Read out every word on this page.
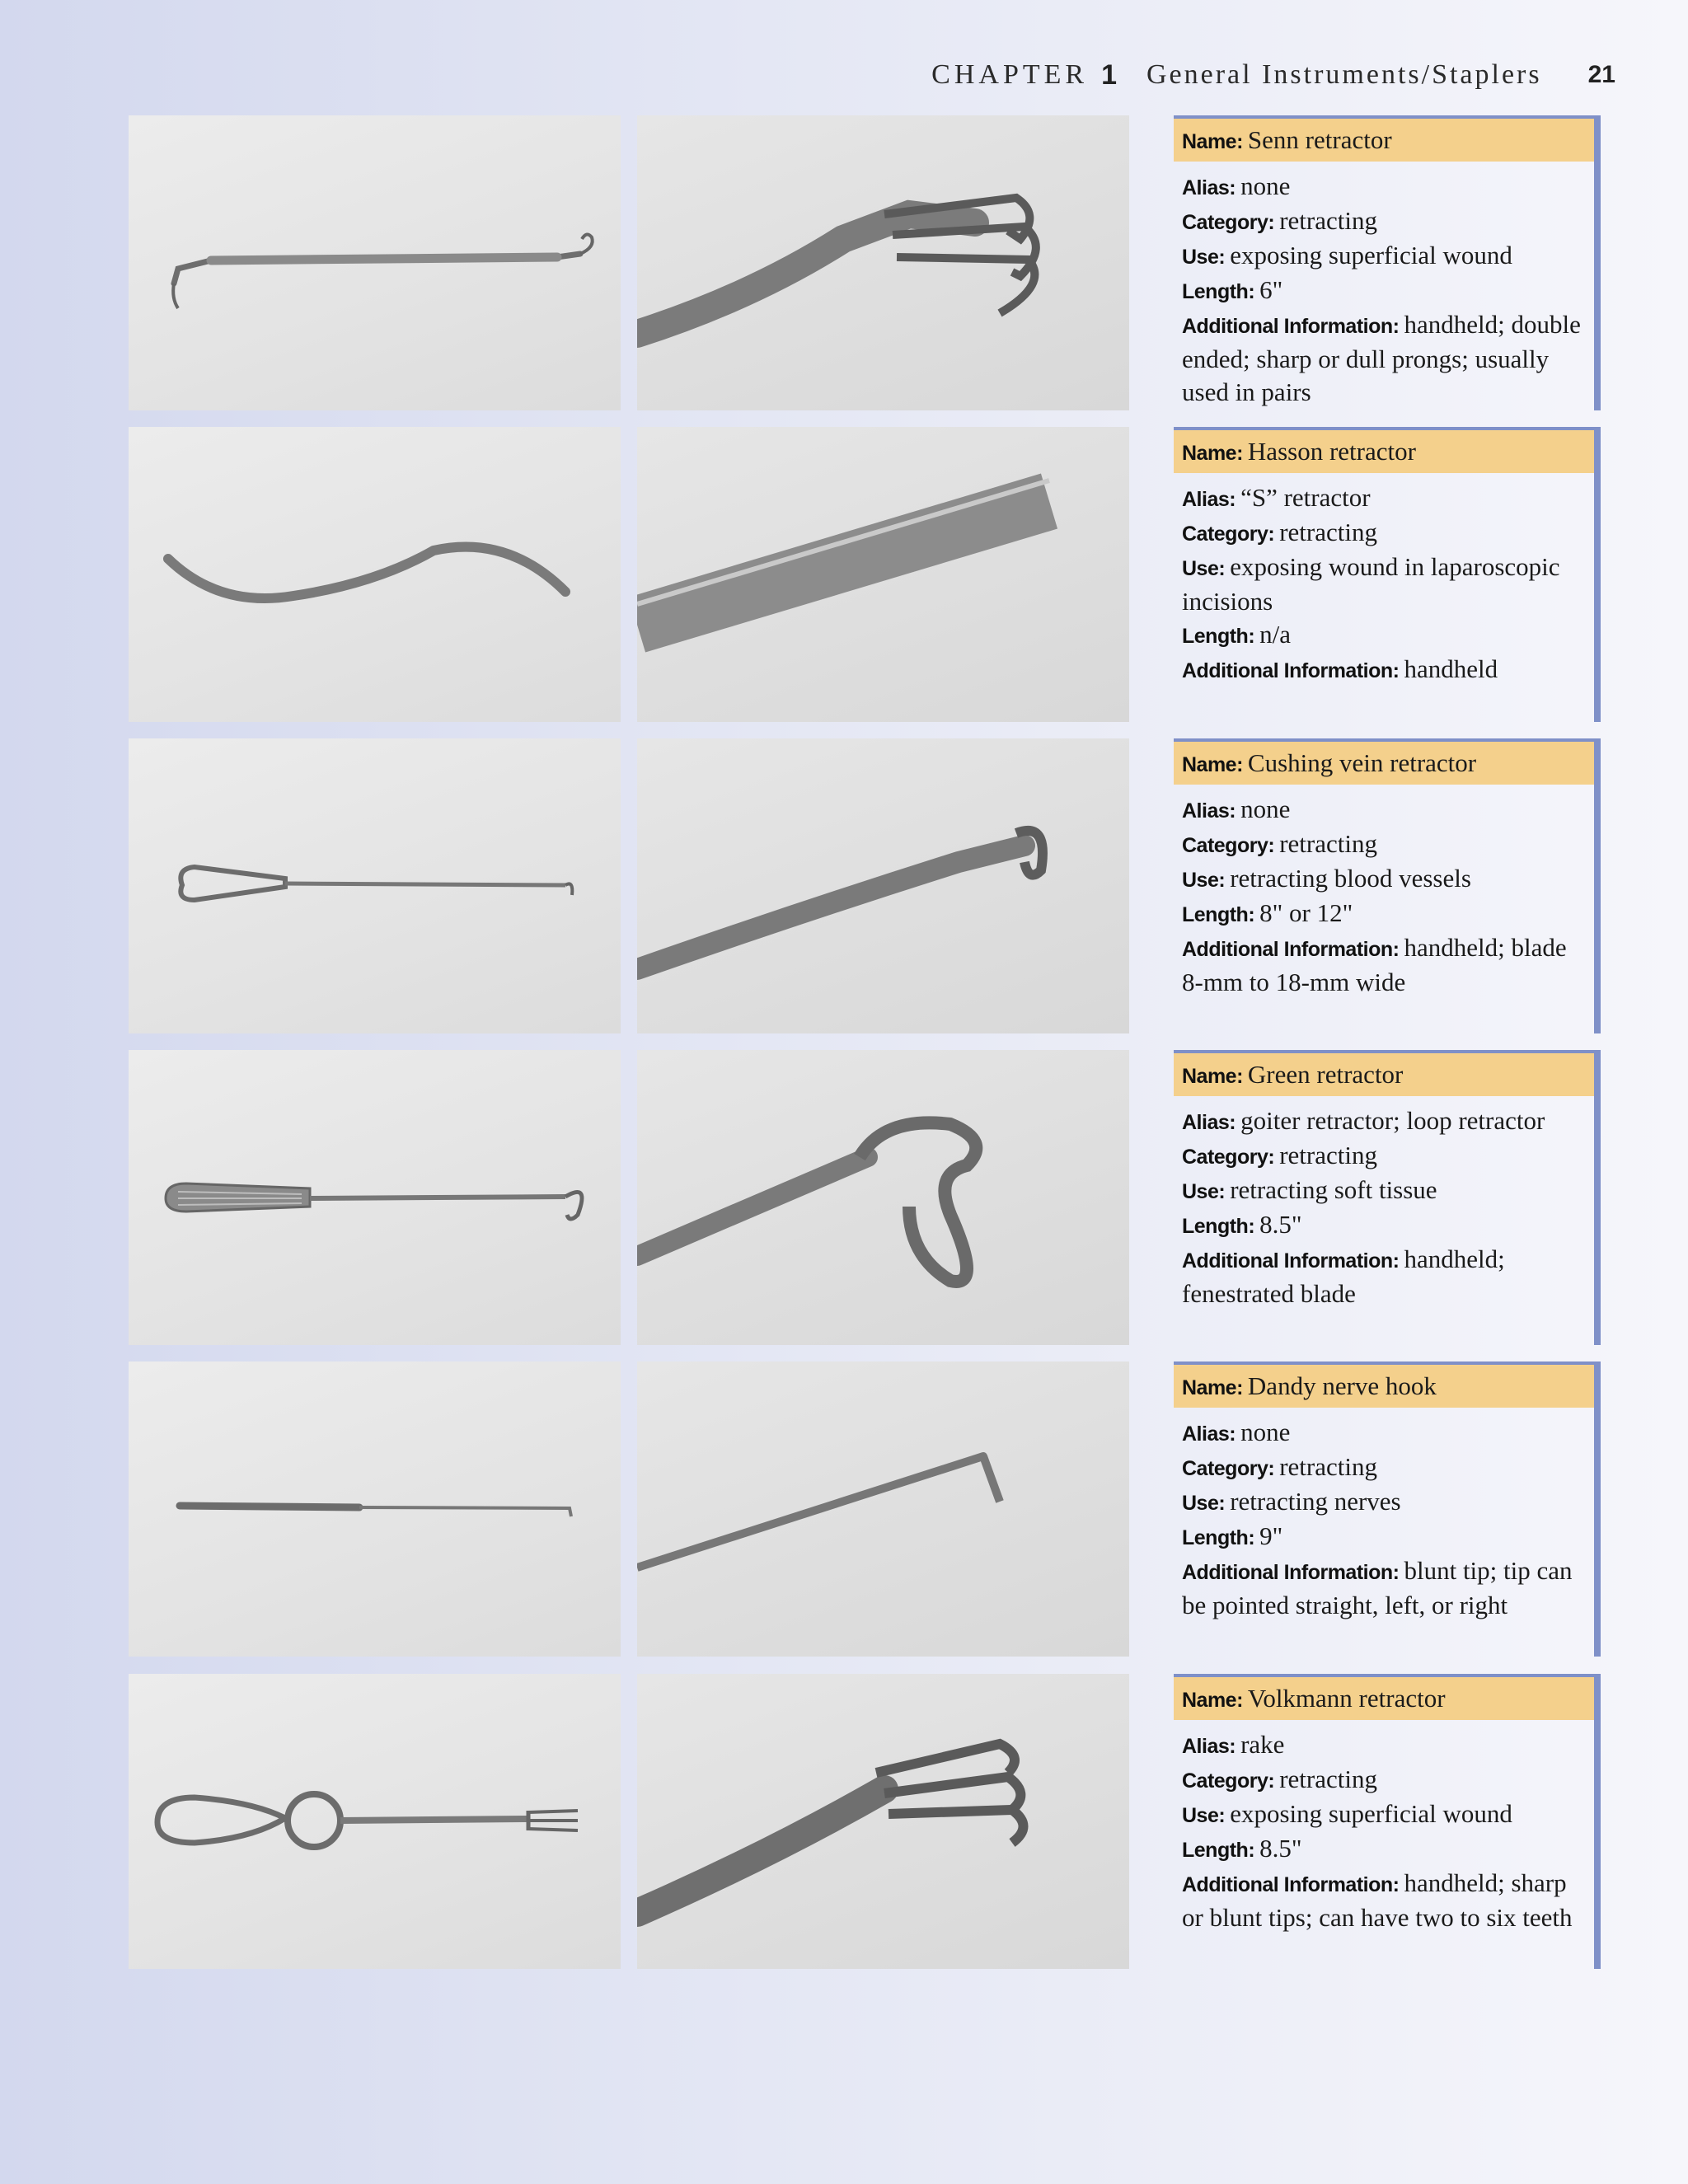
CHAPTER 1 General Instruments/Staplers 21
Name: Senn retractor
Alias: none
Category: retracting
Use: exposing superficial wound
Length: 6"
Additional Information: handheld; double ended; sharp or dull prongs; usually used in pairs
Name: Hasson retractor
Alias: “S” retractor
Category: retracting
Use: exposing wound in laparoscopic incisions
Length: n/a
Additional Information: handheld
Name: Cushing vein retractor
Alias: none
Category: retracting
Use: retracting blood vessels
Length: 8" or 12"
Additional Information: handheld; blade 8-mm to 18-mm wide
Name: Green retractor
Alias: goiter retractor; loop retractor
Category: retracting
Use: retracting soft tissue
Length: 8.5"
Additional Information: handheld; fenestrated blade
Name: Dandy nerve hook
Alias: none
Category: retracting
Use: retracting nerves
Length: 9"
Additional Information: blunt tip; tip can be pointed straight, left, or right
Name: Volkmann retractor
Alias: rake
Category: retracting
Use: exposing superficial wound
Length: 8.5"
Additional Information: handheld; sharp or blunt tips; can have two to six teeth
